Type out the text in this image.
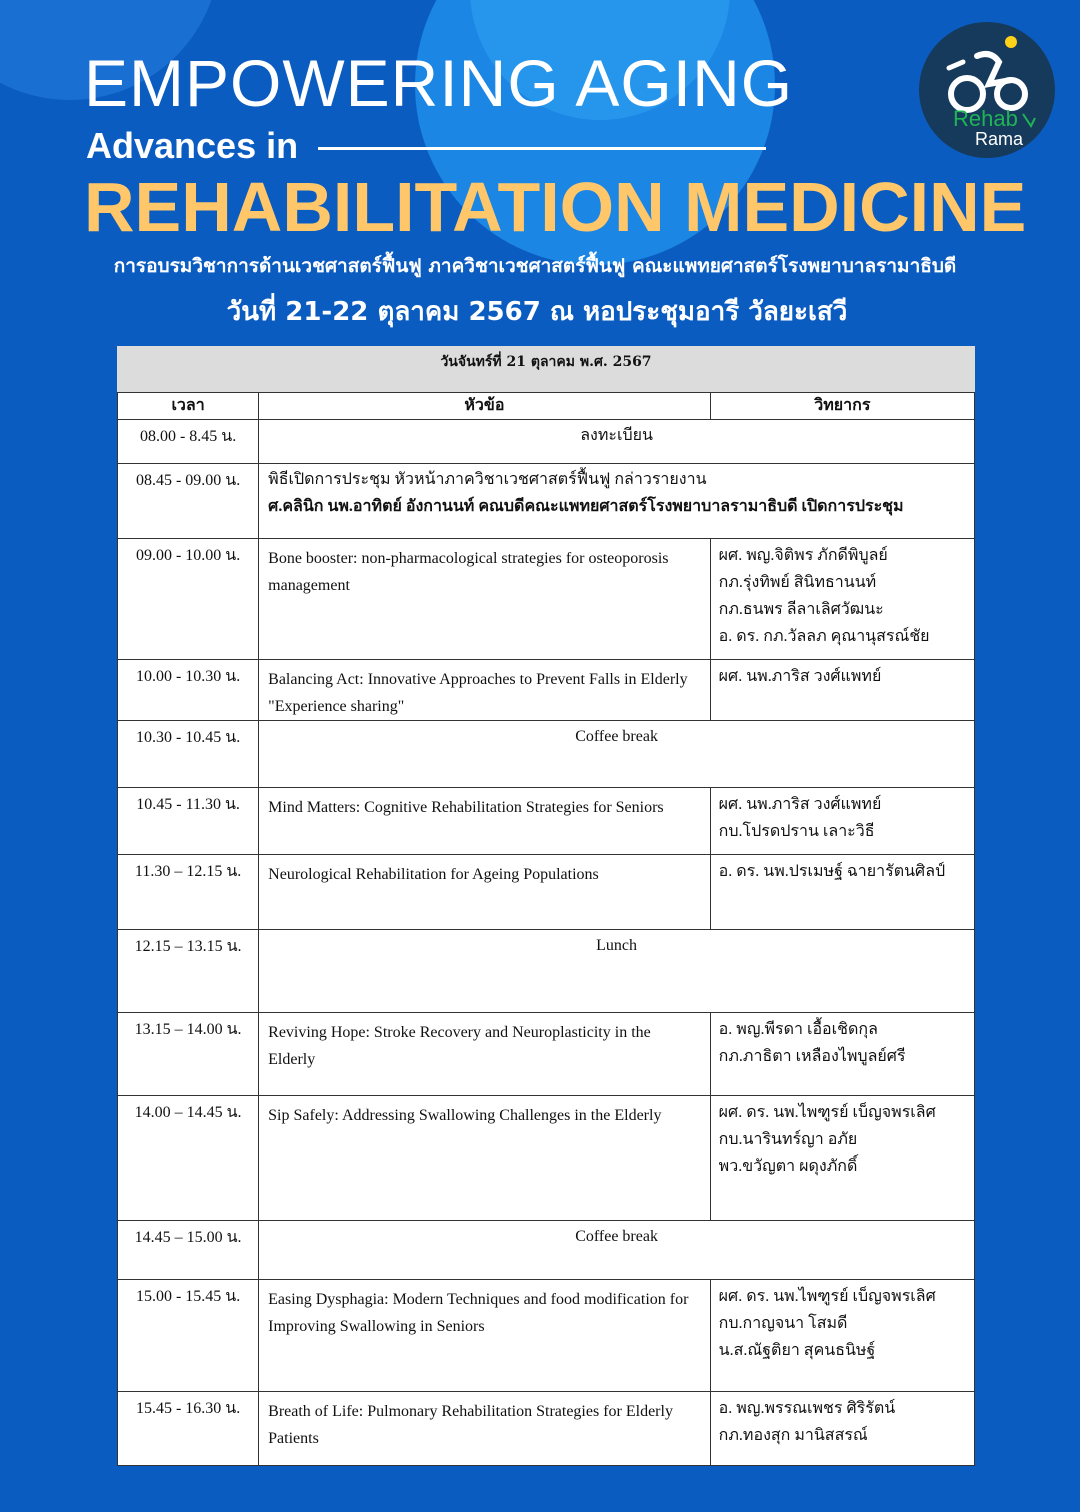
EMPOWERING AGING
Advances in
REHABILITATION MEDICINE
การอบรมวิชาการด้านเวชศาสตร์ฟื้นฟู ภาควิชาเวชศาสตร์ฟื้นฟู คณะแพทยศาสตร์โรงพยาบาลรามาธิบดี
วันที่ 21-22 ตุลาคม 2567 ณ หอประชุมอารี วัลยะเสวี
Rehab
Rama
วันจันทร์ที่ 21 ตุลาคม พ.ศ. 2567
เวลา	หัวข้อ	วิทยากร
08.00 - 8.45 น.	ลงทะเบียน	
08.45 - 09.00 น.	พิธีเปิดการประชุม หัวหน้าภาควิชาเวชศาสตร์ฟื้นฟู กล่าวรายงาน
ศ.คลินิก นพ.อาทิตย์ อังกานนท์ คณบดีคณะแพทยศาสตร์โรงพยาบาลรามาธิบดี เปิดการประชุม	

09.00 - 10.00 น.	Bone booster: non-pharmacological strategies for osteoporosis management	ผศ. พญ.จิติพร ภักดีพิบูลย์
กภ.รุ่งทิพย์ สินิทธานนท์
กภ.ธนพร ลีลาเลิศวัฒนะ
อ. ดร. กภ.วัลลภ คุณานุสรณ์ชัย

10.00 - 10.30 น.	Balancing Act: Innovative Approaches to Prevent Falls in Elderly "Experience sharing"	ผศ. นพ.ภาริส วงศ์แพทย์

10.30 - 10.45 น.	Coffee break	
10.45 - 11.30 น.	Mind Matters: Cognitive Rehabilitation Strategies for Seniors	ผศ. นพ.ภาริส วงศ์แพทย์
กบ.โปรดปราน เลาะวิธี

11.30 – 12.15 น.	Neurological Rehabilitation for Ageing Populations	อ. ดร. นพ.ปรเมษฐ์ ฉายารัตนศิลป์

12.15 – 13.15 น.	Lunch	
13.15 – 14.00 น.	Reviving Hope: Stroke Recovery and Neuroplasticity in the Elderly	อ. พญ.พีรดา เอื้อเชิดกุล
กภ.ภาธิตา เหลืองไพบูลย์ศรี

14.00 – 14.45 น.	Sip Safely: Addressing Swallowing Challenges in the Elderly	ผศ. ดร. นพ.ไพฑูรย์ เบ็ญจพรเลิศ
กบ.นารินทร์ญา อภัย
พว.ขวัญตา ผดุงภักดิ์

14.45 – 15.00 น.	Coffee break	
15.00 - 15.45 น.	Easing Dysphagia: Modern Techniques and food modification for Improving Swallowing in Seniors	ผศ. ดร. นพ.ไพฑูรย์ เบ็ญจพรเลิศ
กบ.กาญจนา โสมดี
น.ส.ณัฐติยา สุคนธนิษฐ์

15.45 - 16.30 น.	Breath of Life: Pulmonary Rehabilitation Strategies for Elderly Patients	อ. พญ.พรรณเพชร ศิริรัตน์
กภ.ทองสุก มานิสสรณ์
